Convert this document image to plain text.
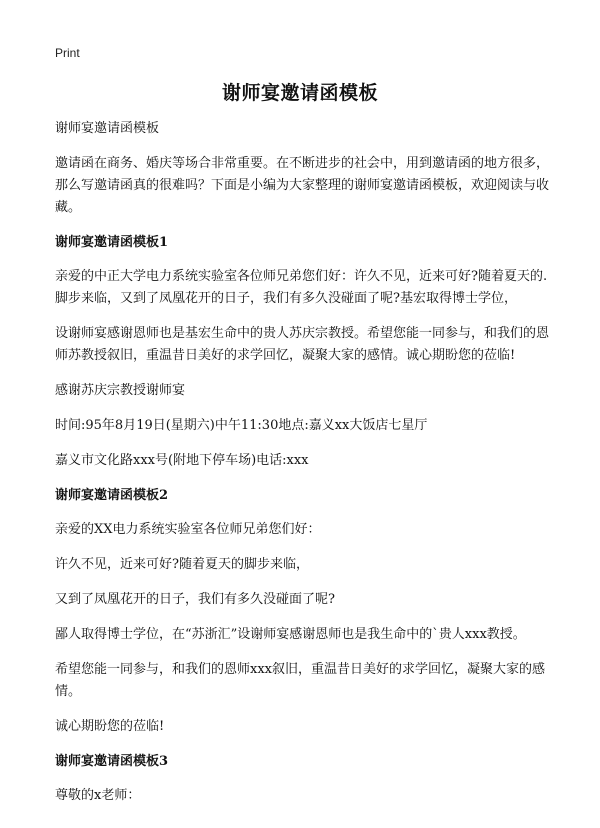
Print
谢师宴邀请函模板

谢师宴邀请函模板

邀请函在商务、婚庆等场合非常重要。在不断进步的社会中，用到邀请函的地方很多，那么写邀请函真的很难吗？下面是小编为大家整理的谢师宴邀请函模板，欢迎阅读与收藏。

谢师宴邀请函模板1

亲爱的中正大学电力系统实验室各位师兄弟您们好：许久不见，近来可好?随着夏天的.脚步来临，又到了凤凰花开的日子，我们有多久没碰面了呢?基宏取得博士学位，

设谢师宴感谢恩师也是基宏生命中的贵人苏庆宗教授。希望您能一同参与，和我们的恩师苏教授叙旧，重温昔日美好的求学回忆，凝聚大家的感情。诚心期盼您的莅临!

感谢苏庆宗教授谢师宴

时间:95年8月19日(星期六)中午11:30地点:嘉义xx大饭店七星厅

嘉义市文化路xxx号(附地下停车场)电话:xxx

谢师宴邀请函模板2

亲爱的XX电力系统实验室各位师兄弟您们好：

许久不见，近来可好?随着夏天的脚步来临，

又到了凤凰花开的日子，我们有多久没碰面了呢?

鄙人取得博士学位，在“苏浙汇”设谢师宴感谢恩师也是我生命中的`贵人xxx教授。

希望您能一同参与，和我们的恩师xxx叙旧，重温昔日美好的求学回忆，凝聚大家的感情。

诚心期盼您的莅临!

谢师宴邀请函模板3

尊敬的x老师：
